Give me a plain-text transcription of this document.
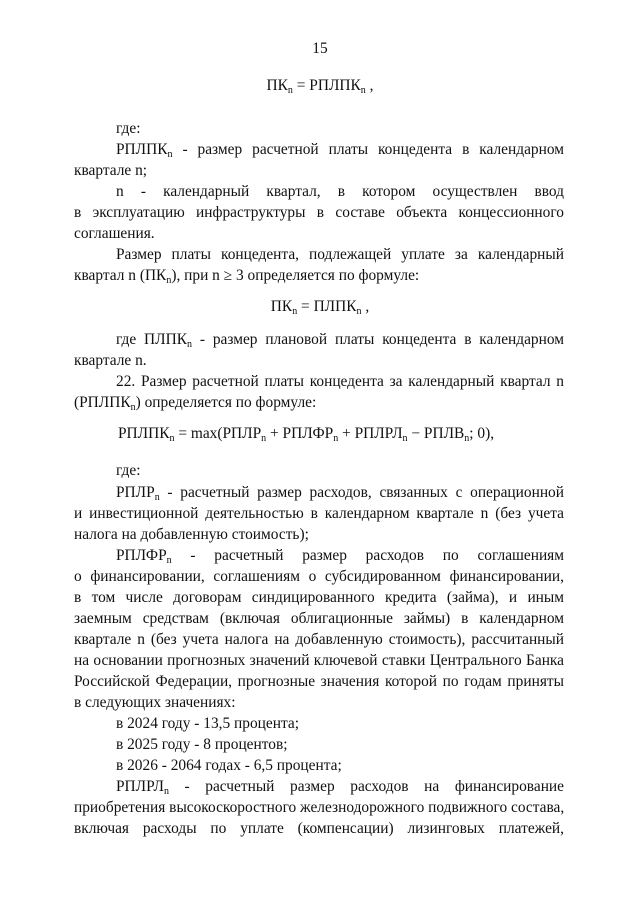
15
$ПК_n$ = $РПЛПК_n$ ,
где:
$РПЛПК_n$ - размер расчетной платы концедента в календарном
квартале n;
n - календарный квартал, в котором осуществлен ввод
в эксплуатацию инфраструктуры в составе объекта концессионного
соглашения.
Размер платы концедента, подлежащей уплате за календарный
квартал n $(ПК_n)$, при n ≥ 3 определяется по формуле:
$ПК_n$ = $ПЛПК_n$ ,
где $ПЛПК_n$ - размер плановой платы концедента в календарном
квартале n.
22. Размер расчетной платы концедента за календарный квартал n
$(РПЛПК_n)$ определяется по формуле:
$РПЛПК_n$ = $\max(РПЛР_n$ + $РПЛФР_n$ + $РПЛРЛ_n$ − $РПЛВ_n$; 0),
где:
$РПЛР_n$ - расчетный размер расходов, связанных с операционной
и инвестиционной деятельностью в календарном квартале n (без учета
налога на добавленную стоимость);
$РПЛФР_n$ - расчетный размер расходов по соглашениям
о финансировании, соглашениям о субсидированном финансировании,
в том числе договорам синдицированного кредита (займа), и иным
заемным средствам (включая облигационные займы) в календарном
квартале n (без учета налога на добавленную стоимость), рассчитанный
на основании прогнозных значений ключевой ставки Центрального Банка
Российской Федерации, прогнозные значения которой по годам приняты
в следующих значениях:
в 2024 году - 13,5 процента;
в 2025 году - 8 процентов;
в 2026 - 2064 годах - 6,5 процента;
$РПЛРЛ_n$ - расчетный размер расходов на финансирование
приобретения высокоскоростного железнодорожного подвижного состава,
включая расходы по уплате (компенсации) лизинговых платежей,
